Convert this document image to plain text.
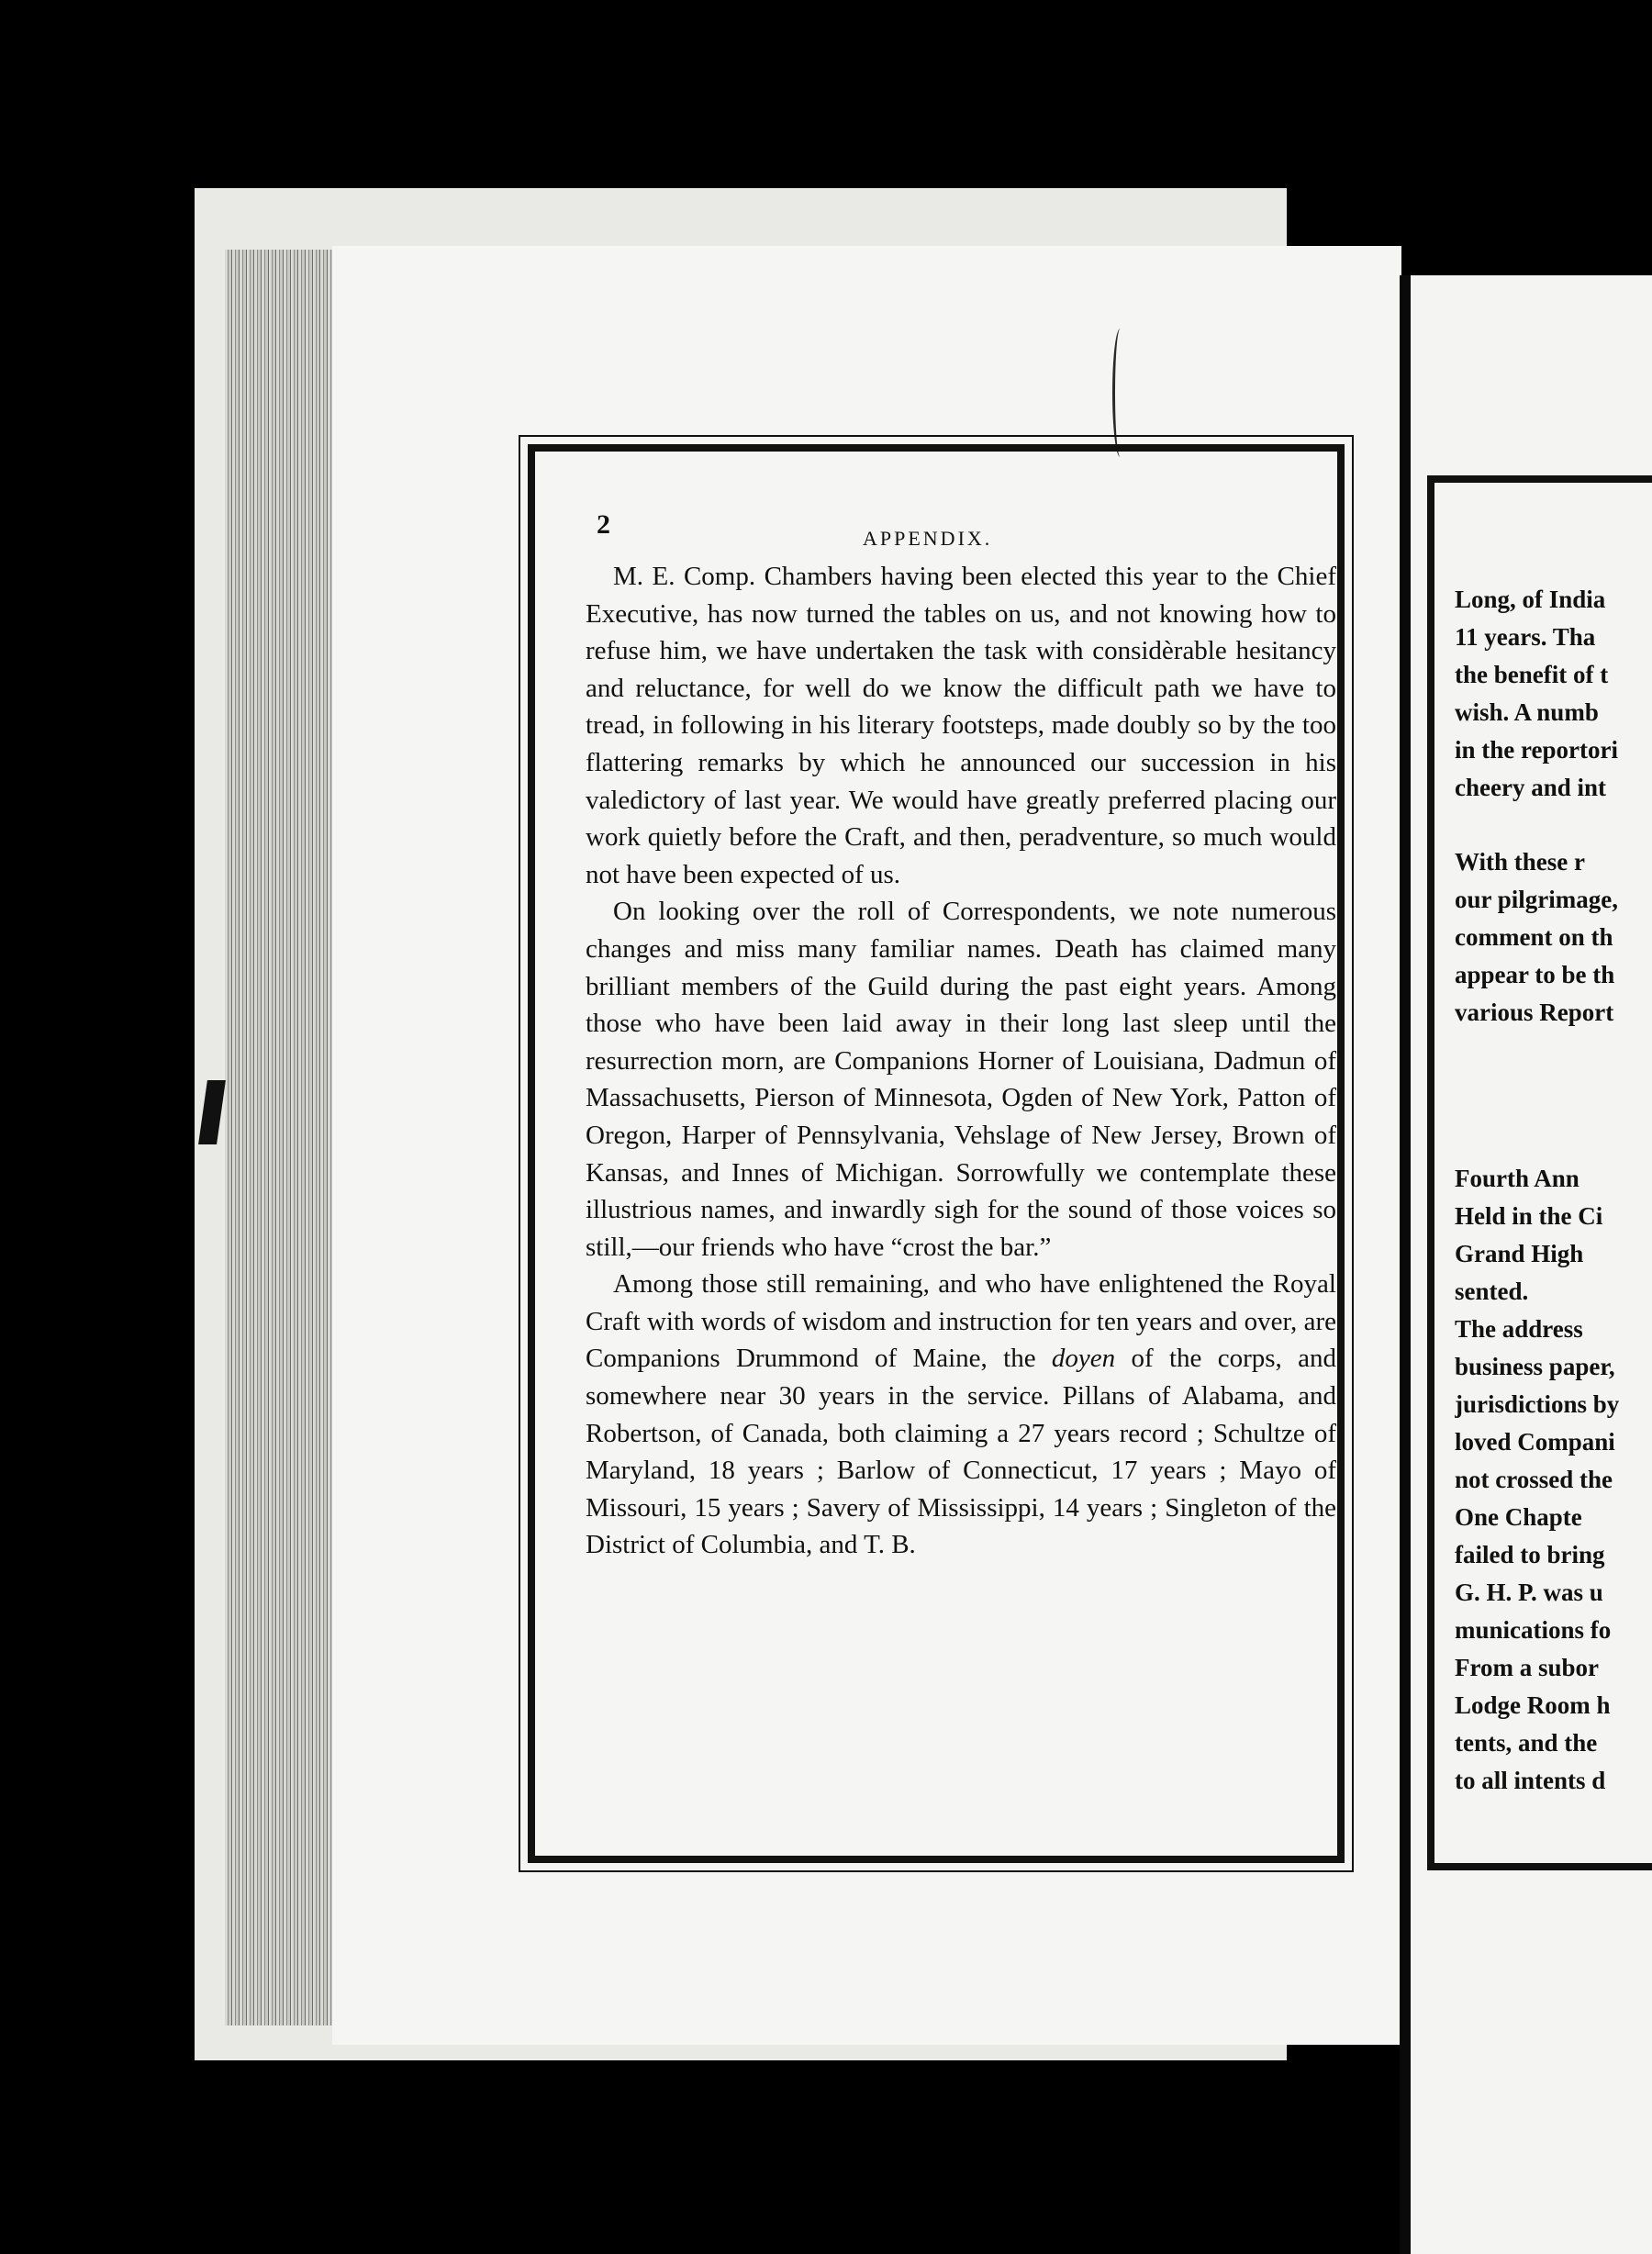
2	APPENDIX.

M. E. Comp. Chambers having been elected this year to the Chief Executive, has now turned the tables on us, and not knowing how to refuse him, we have undertaken the task with considèrable hesitancy and reluctance, for well do we know the difficult path we have to tread, in following in his literary footsteps, made doubly so by the too flattering remarks by which he announced our succession in his valedictory of last year. We would have greatly preferred placing our work quietly before the Craft, and then, peradventure, so much would not have been expected of us.

On looking over the roll of Correspondents, we note numerous changes and miss many familiar names. Death has claimed many brilliant members of the Guild during the past eight years. Among those who have been laid away in their long last sleep until the resurrection morn, are Companions Horner of Louisiana, Dadmun of Massachusetts, Pierson of Minnesota, Ogden of New York, Patton of Oregon, Harper of Pennsylvania, Vehslage of New Jersey, Brown of Kansas, and Innes of Michigan. Sorrowfully we contemplate these illustrious names, and inwardly sigh for the sound of those voices so still,—our friends who have “crost the bar.”

Among those still remaining, and who have enlightened the Royal Craft with words of wisdom and instruction for ten years and over, are Companions Drummond of Maine, the doyen of the corps, and somewhere near 30 years in the service. Pillans of Alabama, and Robertson, of Canada, both claiming a 27 years record ; Schultze of Maryland, 18 years ; Barlow of Connecticut, 17 years ; Mayo of Missouri, 15 years ; Savery of Mississippi, 14 years ; Singleton of the District of Columbia, and T. B.

Long, of India
11 years. Tha
the benefit of t
wish. A numb
in the reportori
cheery and int
With these r
our pilgrimage,
comment on th
appear to be th
various Report
Fourth Ann
Held in the Ci
Grand High
sented.
The address
business paper,
jurisdictions by
loved Compani
not crossed the
One Chapte
failed to bring
G. H. P. was u
munications fo
From a subor
Lodge Room h
tents, and the
to all intents d
